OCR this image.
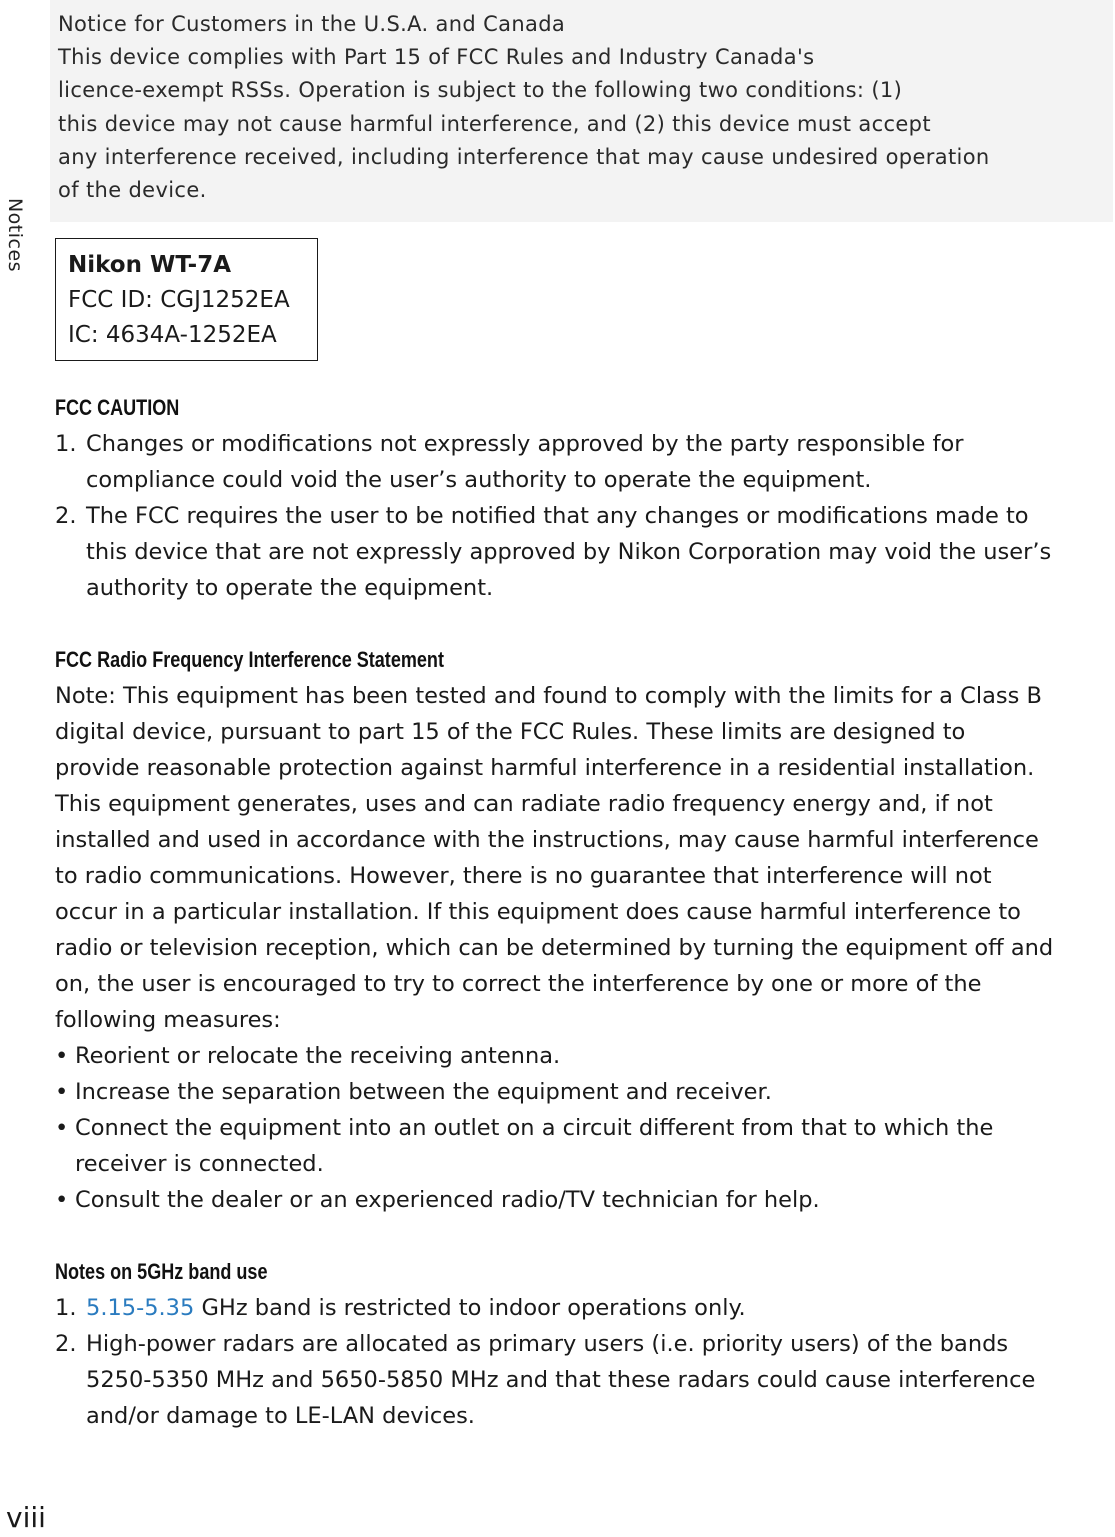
Notices
Notice for Customers in the U.S.A. and Canada
This device complies with Part 15 of FCC Rules and Industry Canada's
licence-exempt RSSs. Operation is subject to the following two conditions: (1)
this device may not cause harmful interference, and (2) this device must accept
any interference received, including interference that may cause undesired operation
of the device.
Nikon WT-7A
FCC ID: CGJ1252EA
IC: 4634A-1252EA
FCC CAUTION
1. Changes or modifications not expressly approved by the party responsible for compliance could void the user’s authority to operate the equipment.
2. The FCC requires the user to be notified that any changes or modifications made to this device that are not expressly approved by Nikon Corporation may void the user’s authority to operate the equipment.
FCC Radio Frequency Interference Statement

Note: This equipment has been tested and found to comply with the limits for a Class B digital device, pursuant to part 15 of the FCC Rules. These limits are designed to provide reasonable protection against harmful interference in a residential installation. This equipment generates, uses and can radiate radio frequency energy and, if not installed and used in accordance with the instructions, may cause harmful interference to radio communications. However, there is no guarantee that interference will not occur in a particular installation. If this equipment does cause harmful interference to radio or television reception, which can be determined by turning the equipment off and on, the user is encouraged to try to correct the interference by one or more of the following measures:

• Reorient or relocate the receiving antenna.
• Increase the separation between the equipment and receiver.
• Connect the equipment into an outlet on a circuit different from that to which the receiver is connected.
• Consult the dealer or an experienced radio/TV technician for help.
Notes on 5GHz band use
1. 5.15-5.35 GHz band is restricted to indoor operations only.
2. High-power radars are allocated as primary users (i.e. priority users) of the bands 5250-5350 MHz and 5650-5850 MHz and that these radars could cause interference and/or damage to LE-LAN devices.
viii
